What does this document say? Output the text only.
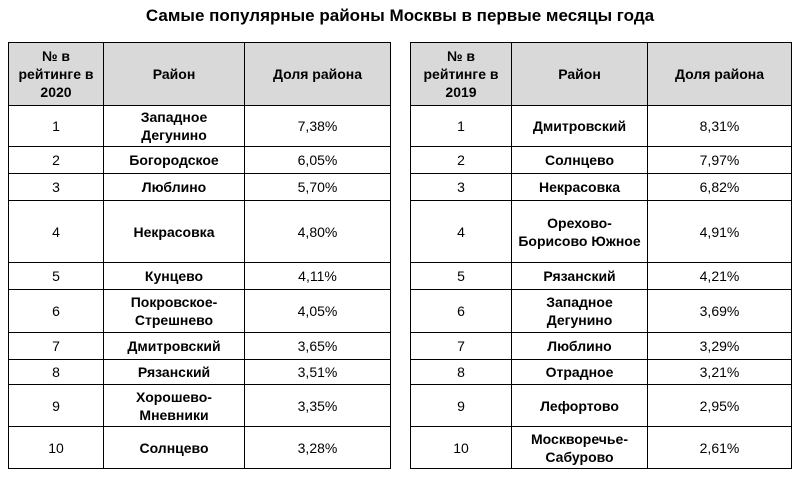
Самые популярные районы Москвы в первые месяцы года
№ в рейтинге в 2020	Район	Доля района
1	Западное Дегунино	7,38%
2	Богородское	6,05%
3	Люблино	5,70%
4	Некрасовка	4,80%
5	Кунцево	4,11%
6	Покровское-Стрешнево	4,05%
7	Дмитровский	3,65%
8	Рязанский	3,51%
9	Хорошево-Мневники	3,35%
10	Солнцево	3,28%
№ в рейтинге в 2019	Район	Доля района
1	Дмитровский	8,31%
2	Солнцево	7,97%
3	Некрасовка	6,82%
4	Орехово-Борисово Южное	4,91%
5	Рязанский	4,21%
6	Западное Дегунино	3,69%
7	Люблино	3,29%
8	Отрадное	3,21%
9	Лефортово	2,95%
10	Москворечье-Сабурово	2,61%
